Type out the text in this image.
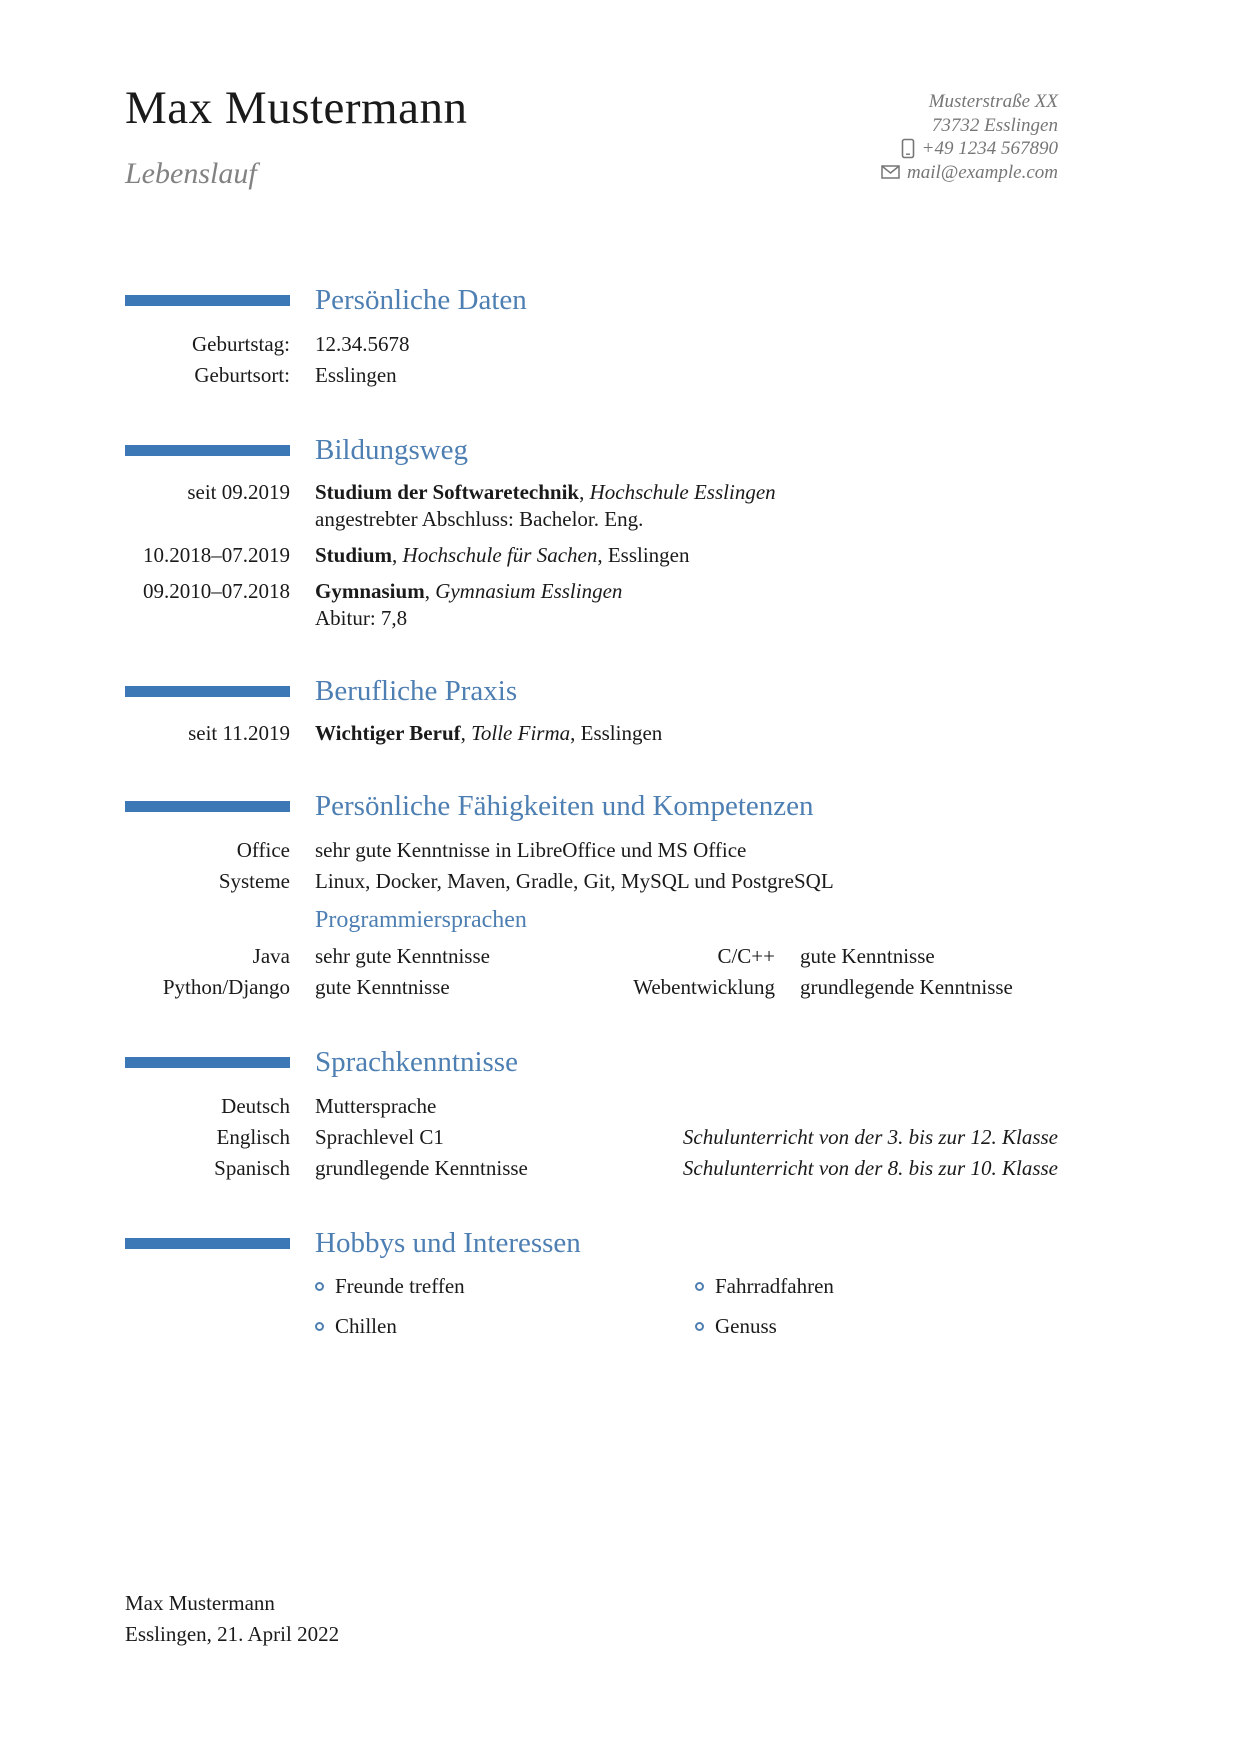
Max Mustermann
Lebenslauf
Musterstraße XX
73732 Esslingen
+49 1234 567890
mail@example.com
Persönliche Daten
Geburtstag: 12.34.5678
Geburtsort: Esslingen
Bildungsweg
seit 09.2019 Studium der Softwaretechnik, Hochschule Esslingen
angestrebter Abschluss: Bachelor. Eng.
10.2018–07.2019 Studium, Hochschule für Sachen, Esslingen
09.2010–07.2018 Gymnasium, Gymnasium Esslingen
Abitur: 7,8
Berufliche Praxis
seit 11.2019 Wichtiger Beruf, Tolle Firma, Esslingen
Persönliche Fähigkeiten und Kompetenzen
Office sehr gute Kenntnisse in LibreOffice und MS Office
Systeme Linux, Docker, Maven, Gradle, Git, MySQL und PostgreSQL
Programmiersprachen
Java sehr gute Kenntnisse	C/C++ gute Kenntnisse
Python/Django gute Kenntnisse	Webentwicklung grundlegende Kenntnisse
Sprachkenntnisse
Deutsch Muttersprache
Englisch Sprachlevel C1	Schulunterricht von der 3. bis zur 12. Klasse
Spanisch grundlegende Kenntnisse	Schulunterricht von der 8. bis zur 10. Klasse
Hobbys und Interessen
Freunde treffen	Fahrradfahren
Chillen	Genuss
Max Mustermann
Esslingen, 21. April 2022
